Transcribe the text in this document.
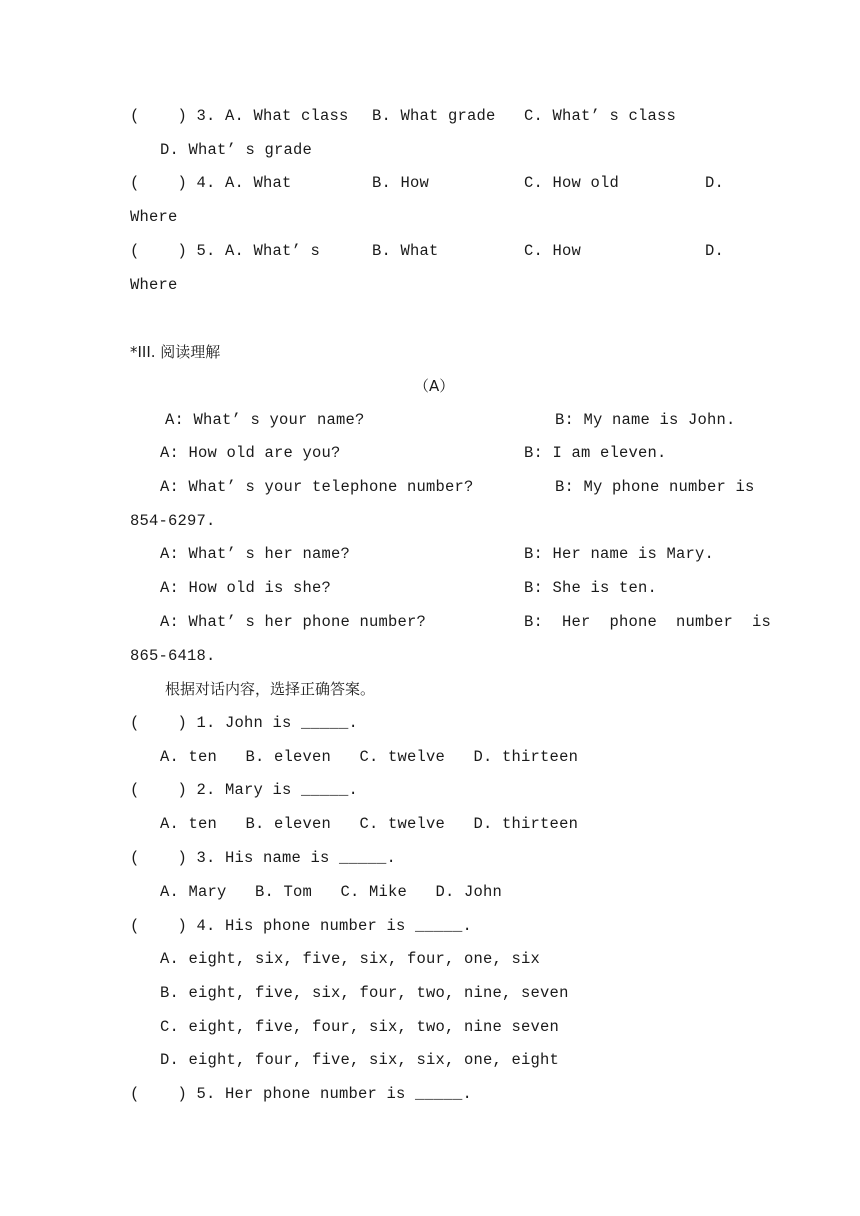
(    ) 3. A. What class B. What grade C. What’ s class
D. What’ s grade
(    ) 4. A. What	B. How	C. How old	D.
Where
(    ) 5. A. What’ s	B. What	C. How	D.
Where
*III. 阅读理解
（A）
A: What’ s your name?	B: My name is John.
A: How old are you?	B: I am eleven.
A: What’ s your telephone number?	B: My phone number is
854-6297.
A: What’ s her name?	B: Her name is Mary.
A: How old is she?	B: She is ten.
A: What’ s her phone number?	B:  Her  phone  number  is
865-6418.
根据对话内容，选择正确答案。
(    ) 1. John is _____.
A. ten   B. eleven   C. twelve   D. thirteen
(    ) 2. Mary is _____.
A. ten   B. eleven   C. twelve   D. thirteen
(    ) 3. His name is _____.
A. Mary   B. Tom   C. Mike   D. John
(    ) 4. His phone number is _____.
A. eight, six, five, six, four, one, six
B. eight, five, six, four, two, nine, seven
C. eight, five, four, six, two, nine seven
D. eight, four, five, six, six, one, eight
(    ) 5. Her phone number is _____.
